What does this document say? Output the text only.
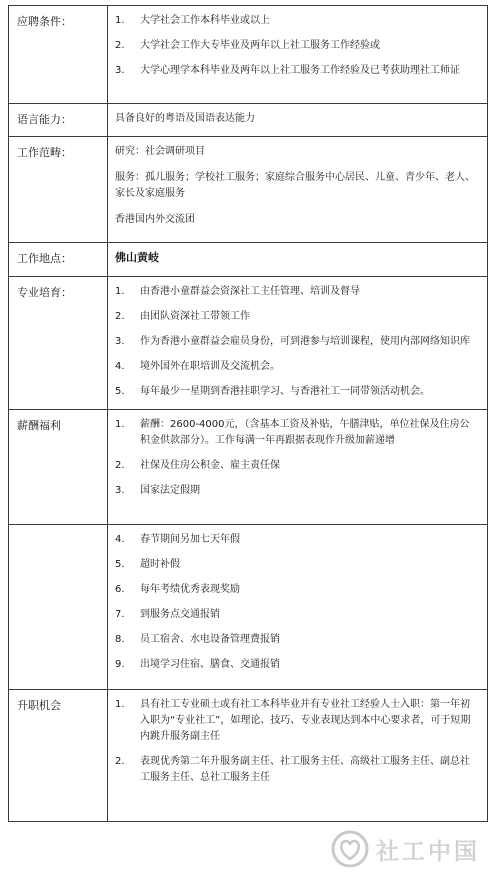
应聘条件：	1.	大学社会工作本科毕业或以上
2.	大学社会工作大专毕业及两年以上社工服务工作经验或
3.	大学心理学本科毕业及两年以上社工服务工作经验及已考获助理社工师证
语言能力：	具备良好的粤语及国语表达能力
工作范畴：	研究：社会调研项目
服务：孤儿服务；学校社工服务；家庭综合服务中心居民、儿童、青少年、老人、家长及家庭服务
香港国内外交流团
工作地点：	佛山黄岐
专业培育：	1.	由香港小童群益会资深社工主任管理、培训及督导
2.	由团队资深社工带领工作
3.	作为香港小童群益会雇员身份，可到港参与培训课程，使用内部网络知识库
4.	境外国外在职培训及交流机会。
5.	每年最少一星期到香港挂职学习、与香港社工一同带领活动机会。
薪酬福利	1.	薪酬：2600-4000元，（含基本工资及补贴，午膳津贴，单位社保及住房公积金供款部分）。工作每满一年再跟据表现作升级加薪递增
2.	社保及住房公积金、雇主责任保
3.	国家法定假期
4.	春节期间另加七天年假
5.	超时补假
6.	每年考绩优秀表现奖励
7.	到服务点交通报销
8.	员工宿舍、水电设备管理费报销
9.	出境学习住宿、膳食、交通报销
升职机会	1.	具有社工专业硕士或有社工本科毕业并有专业社工经验人士入职：第一年初入职为“专业社工”，如理论、技巧、专业表现达到本中心要求者，可于短期内跳升服务副主任
2.	表现优秀第二年升服务副主任、社工服务主任、高级社工服务主任、副总社工服务主任、总社工服务主任
社工中国
